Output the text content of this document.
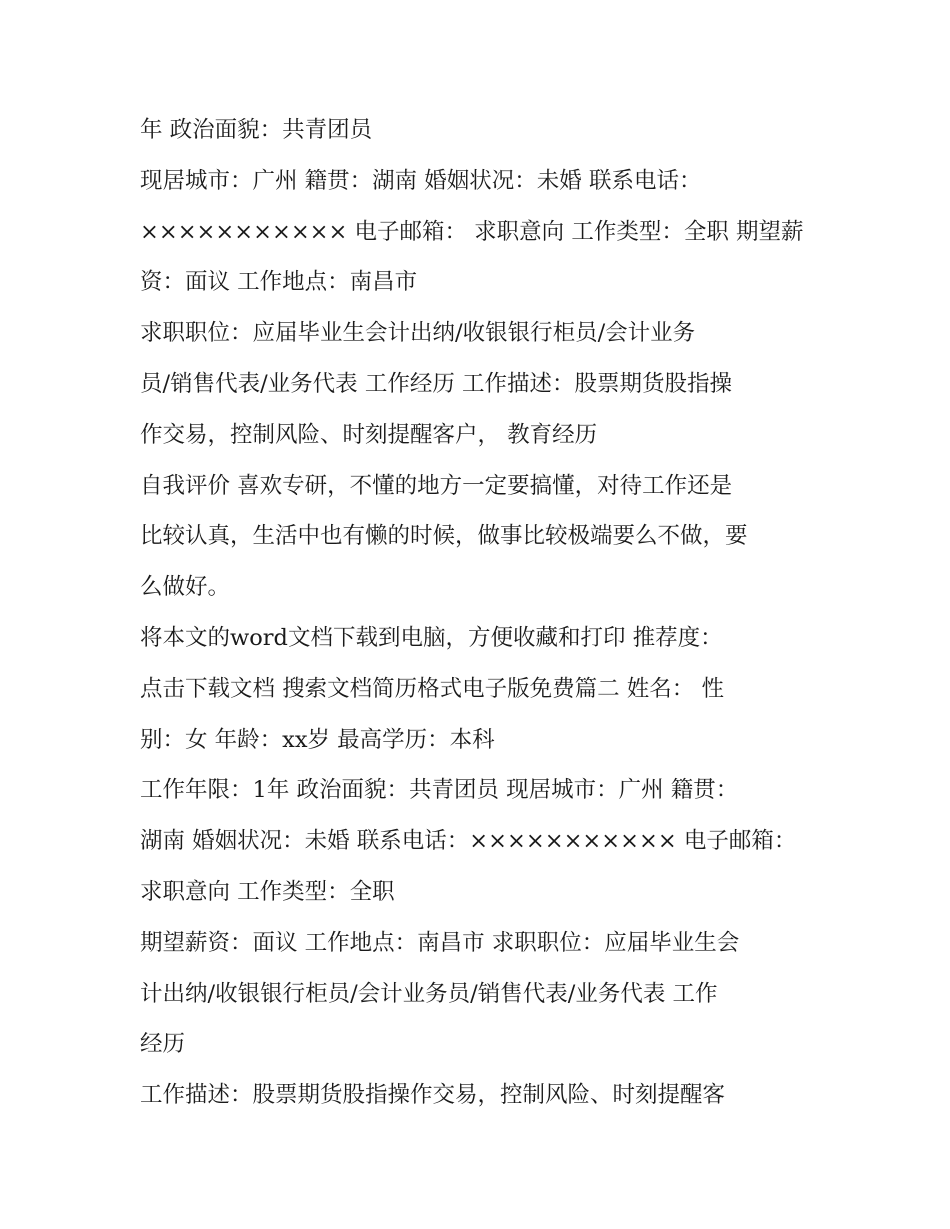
年 政治面貌：共青团员

现居城市：广州 籍贯：湖南 婚姻状况：未婚 联系电话：

××××××××××× 电子邮箱： 求职意向 工作类型：全职 期望薪

资：面议 工作地点：南昌市

求职职位：应届毕业生会计出纳/收银银行柜员/会计业务

员/销售代表/业务代表 工作经历 工作描述：股票期货股指操

作交易，控制风险、时刻提醒客户， 教育经历

自我评价 喜欢专研，不懂的地方一定要搞懂，对待工作还是

比较认真，生活中也有懒的时候，做事比较极端要么不做，要

么做好。

将本文的word文档下载到电脑，方便收藏和打印 推荐度：

点击下载文档 搜索文档简历格式电子版免费篇二 姓名： 性

别：女 年龄：xx岁 最高学历：本科

工作年限：1年 政治面貌：共青团员 现居城市：广州 籍贯：

湖南 婚姻状况：未婚 联系电话：××××××××××× 电子邮箱：

求职意向 工作类型：全职

期望薪资：面议 工作地点：南昌市 求职职位：应届毕业生会

计出纳/收银银行柜员/会计业务员/销售代表/业务代表 工作

经历

工作描述：股票期货股指操作交易，控制风险、时刻提醒客
